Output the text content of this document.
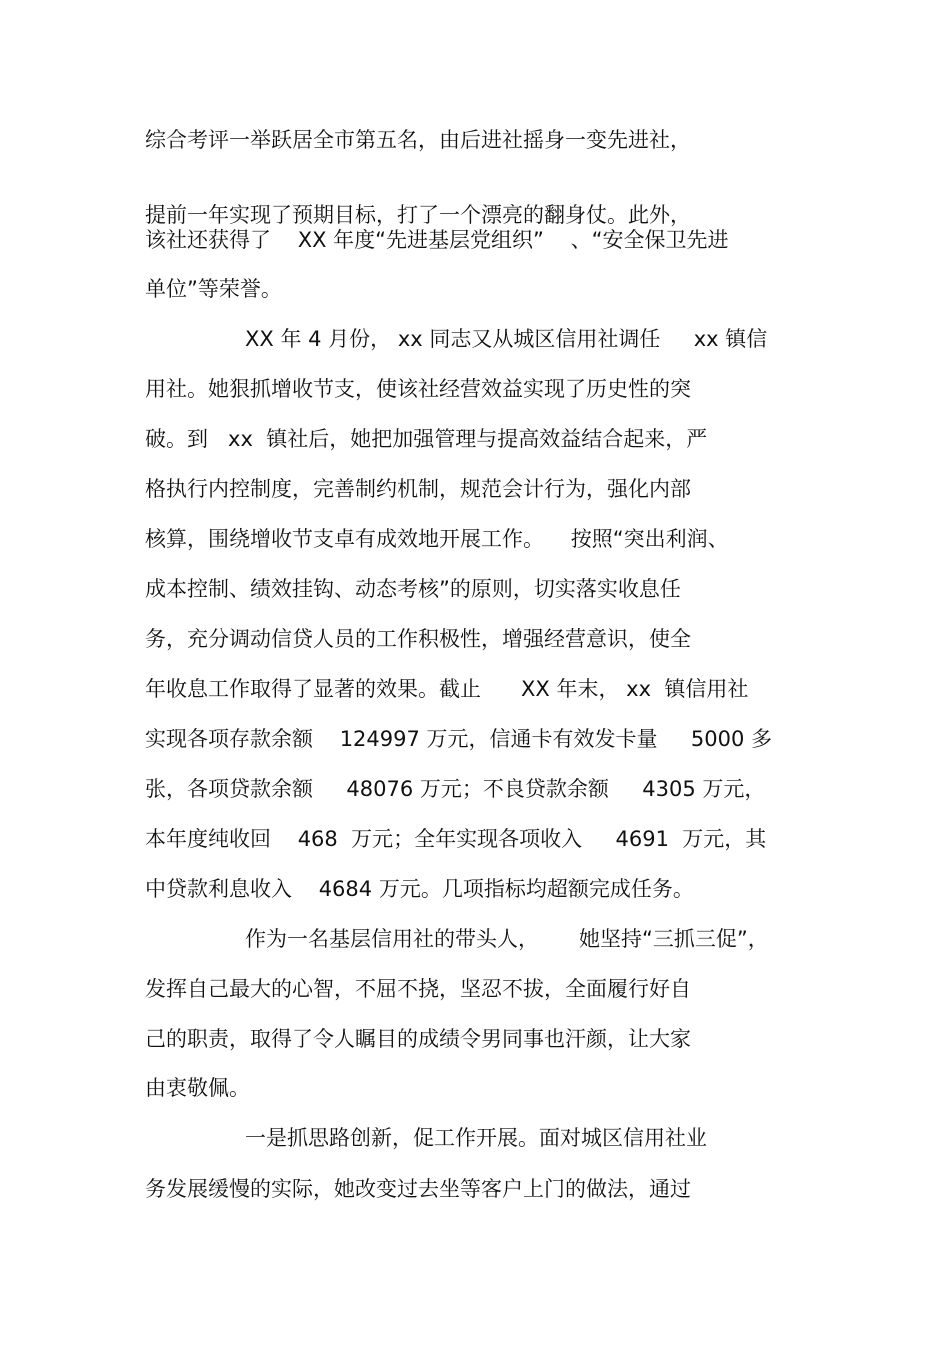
综合考评一举跃居全市第五名，由后进社摇身一变先进社，
提前一年实现了预期目标，打了一个漂亮的翻身仗。此外，
该社还获得了    XX 年度“先进基层党组织”    、“安全保卫先进
单位”等荣誉。
XX 年 4 月份， xx 同志又从城区信用社调任     xx 镇信
用社。她狠抓增收节支，使该社经营效益实现了历史性的突
破。到   xx  镇社后，她把加强管理与提高效益结合起来，严
格执行内控制度，完善制约机制，规范会计行为，强化内部
核算，围绕增收节支卓有成效地开展工作。    按照“突出利润、
成本控制、绩效挂钩、动态考核”的原则，切实落实收息任
务，充分调动信贷人员的工作积极性，增强经营意识，使全
年收息工作取得了显著的效果。截止      XX 年末， xx  镇信用社
实现各项存款余额    124997 万元，信通卡有效发卡量     5000 多
张，各项贷款余额     48076 万元；不良贷款余额     4305 万元，
本年度纯收回    468  万元；全年实现各项收入     4691  万元，其
中贷款利息收入    4684 万元。几项指标均超额完成任务。
作为一名基层信用社的带头人，      她坚持“三抓三促”，
发挥自己最大的心智，不屈不挠，坚忍不拔，全面履行好自
己的职责，取得了令人瞩目的成绩令男同事也汗颜，让大家
由衷敬佩。
一是抓思路创新，促工作开展。面对城区信用社业
务发展缓慢的实际，她改变过去坐等客户上门的做法，通过
